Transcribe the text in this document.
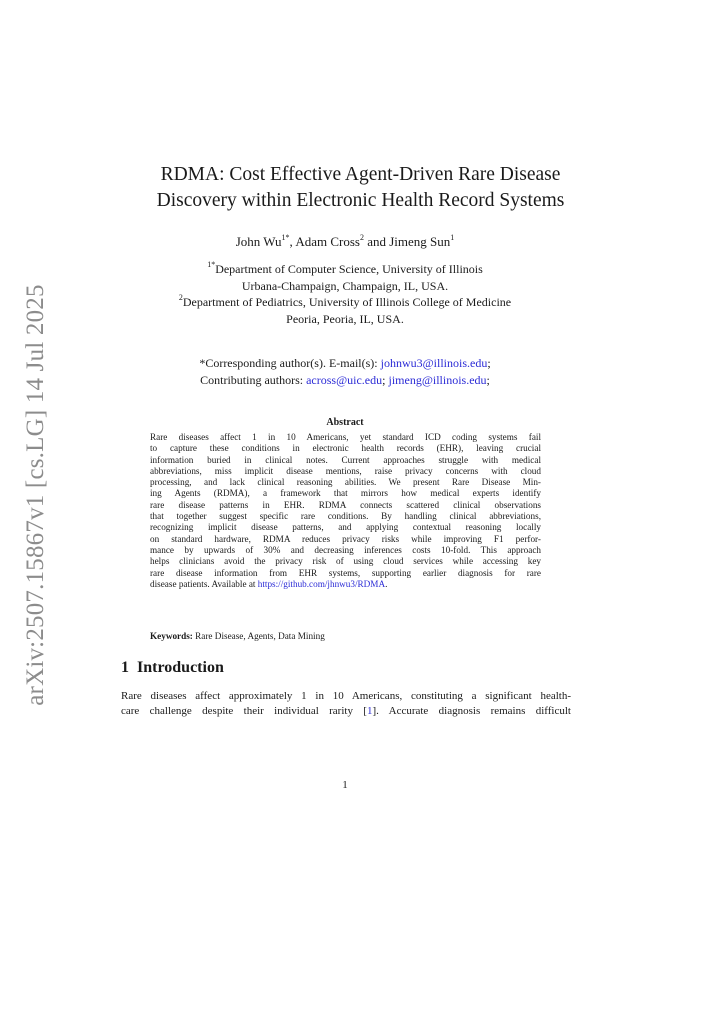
arXiv:2507.15867v1 [cs.LG] 14 Jul 2025
RDMA: Cost Effective Agent-Driven Rare Disease
Discovery within Electronic Health Record Systems
John $Wu^{1*}$, Adam Cross$^2$ and Jimeng Sun$^1$
$^{1*}$Department of Computer Science, University of Illinois
Urbana-Champaign, Champaign, IL, USA.
$^2$Department of Pediatrics, University of Illinois College of Medicine
Peoria, Peoria, IL, USA.
*Corresponding author(s). E-mail(s): johnwu3@illinois.edu;
Contributing authors: across@uic.edu; jimeng@illinois.edu;
Abstract
Rare diseases affect 1 in 10 Americans, yet standard ICD coding systems fail
to capture these conditions in electronic health records (EHR), leaving crucial
information buried in clinical notes. Current approaches struggle with medical
abbreviations, miss implicit disease mentions, raise privacy concerns with cloud
processing, and lack clinical reasoning abilities. We present Rare Disease Min-
ing Agents (RDMA), a framework that mirrors how medical experts identify
rare disease patterns in EHR. RDMA connects scattered clinical observations
that together suggest specific rare conditions. By handling clinical abbreviations,
recognizing implicit disease patterns, and applying contextual reasoning locally
on standard hardware, RDMA reduces privacy risks while improving F1 perfor-
mance by upwards of 30% and decreasing inferences costs 10-fold. This approach
helps clinicians avoid the privacy risk of using cloud services while accessing key
rare disease information from EHR systems, supporting earlier diagnosis for rare
disease patients. Available at https://github.com/jhnwu3/RDMA.
Keywords: Rare Disease, Agents, Data Mining
1 Introduction
Rare diseases affect approximately 1 in 10 Americans, constituting a significant health-
care challenge despite their individual rarity [1]. Accurate diagnosis remains difficult
1
